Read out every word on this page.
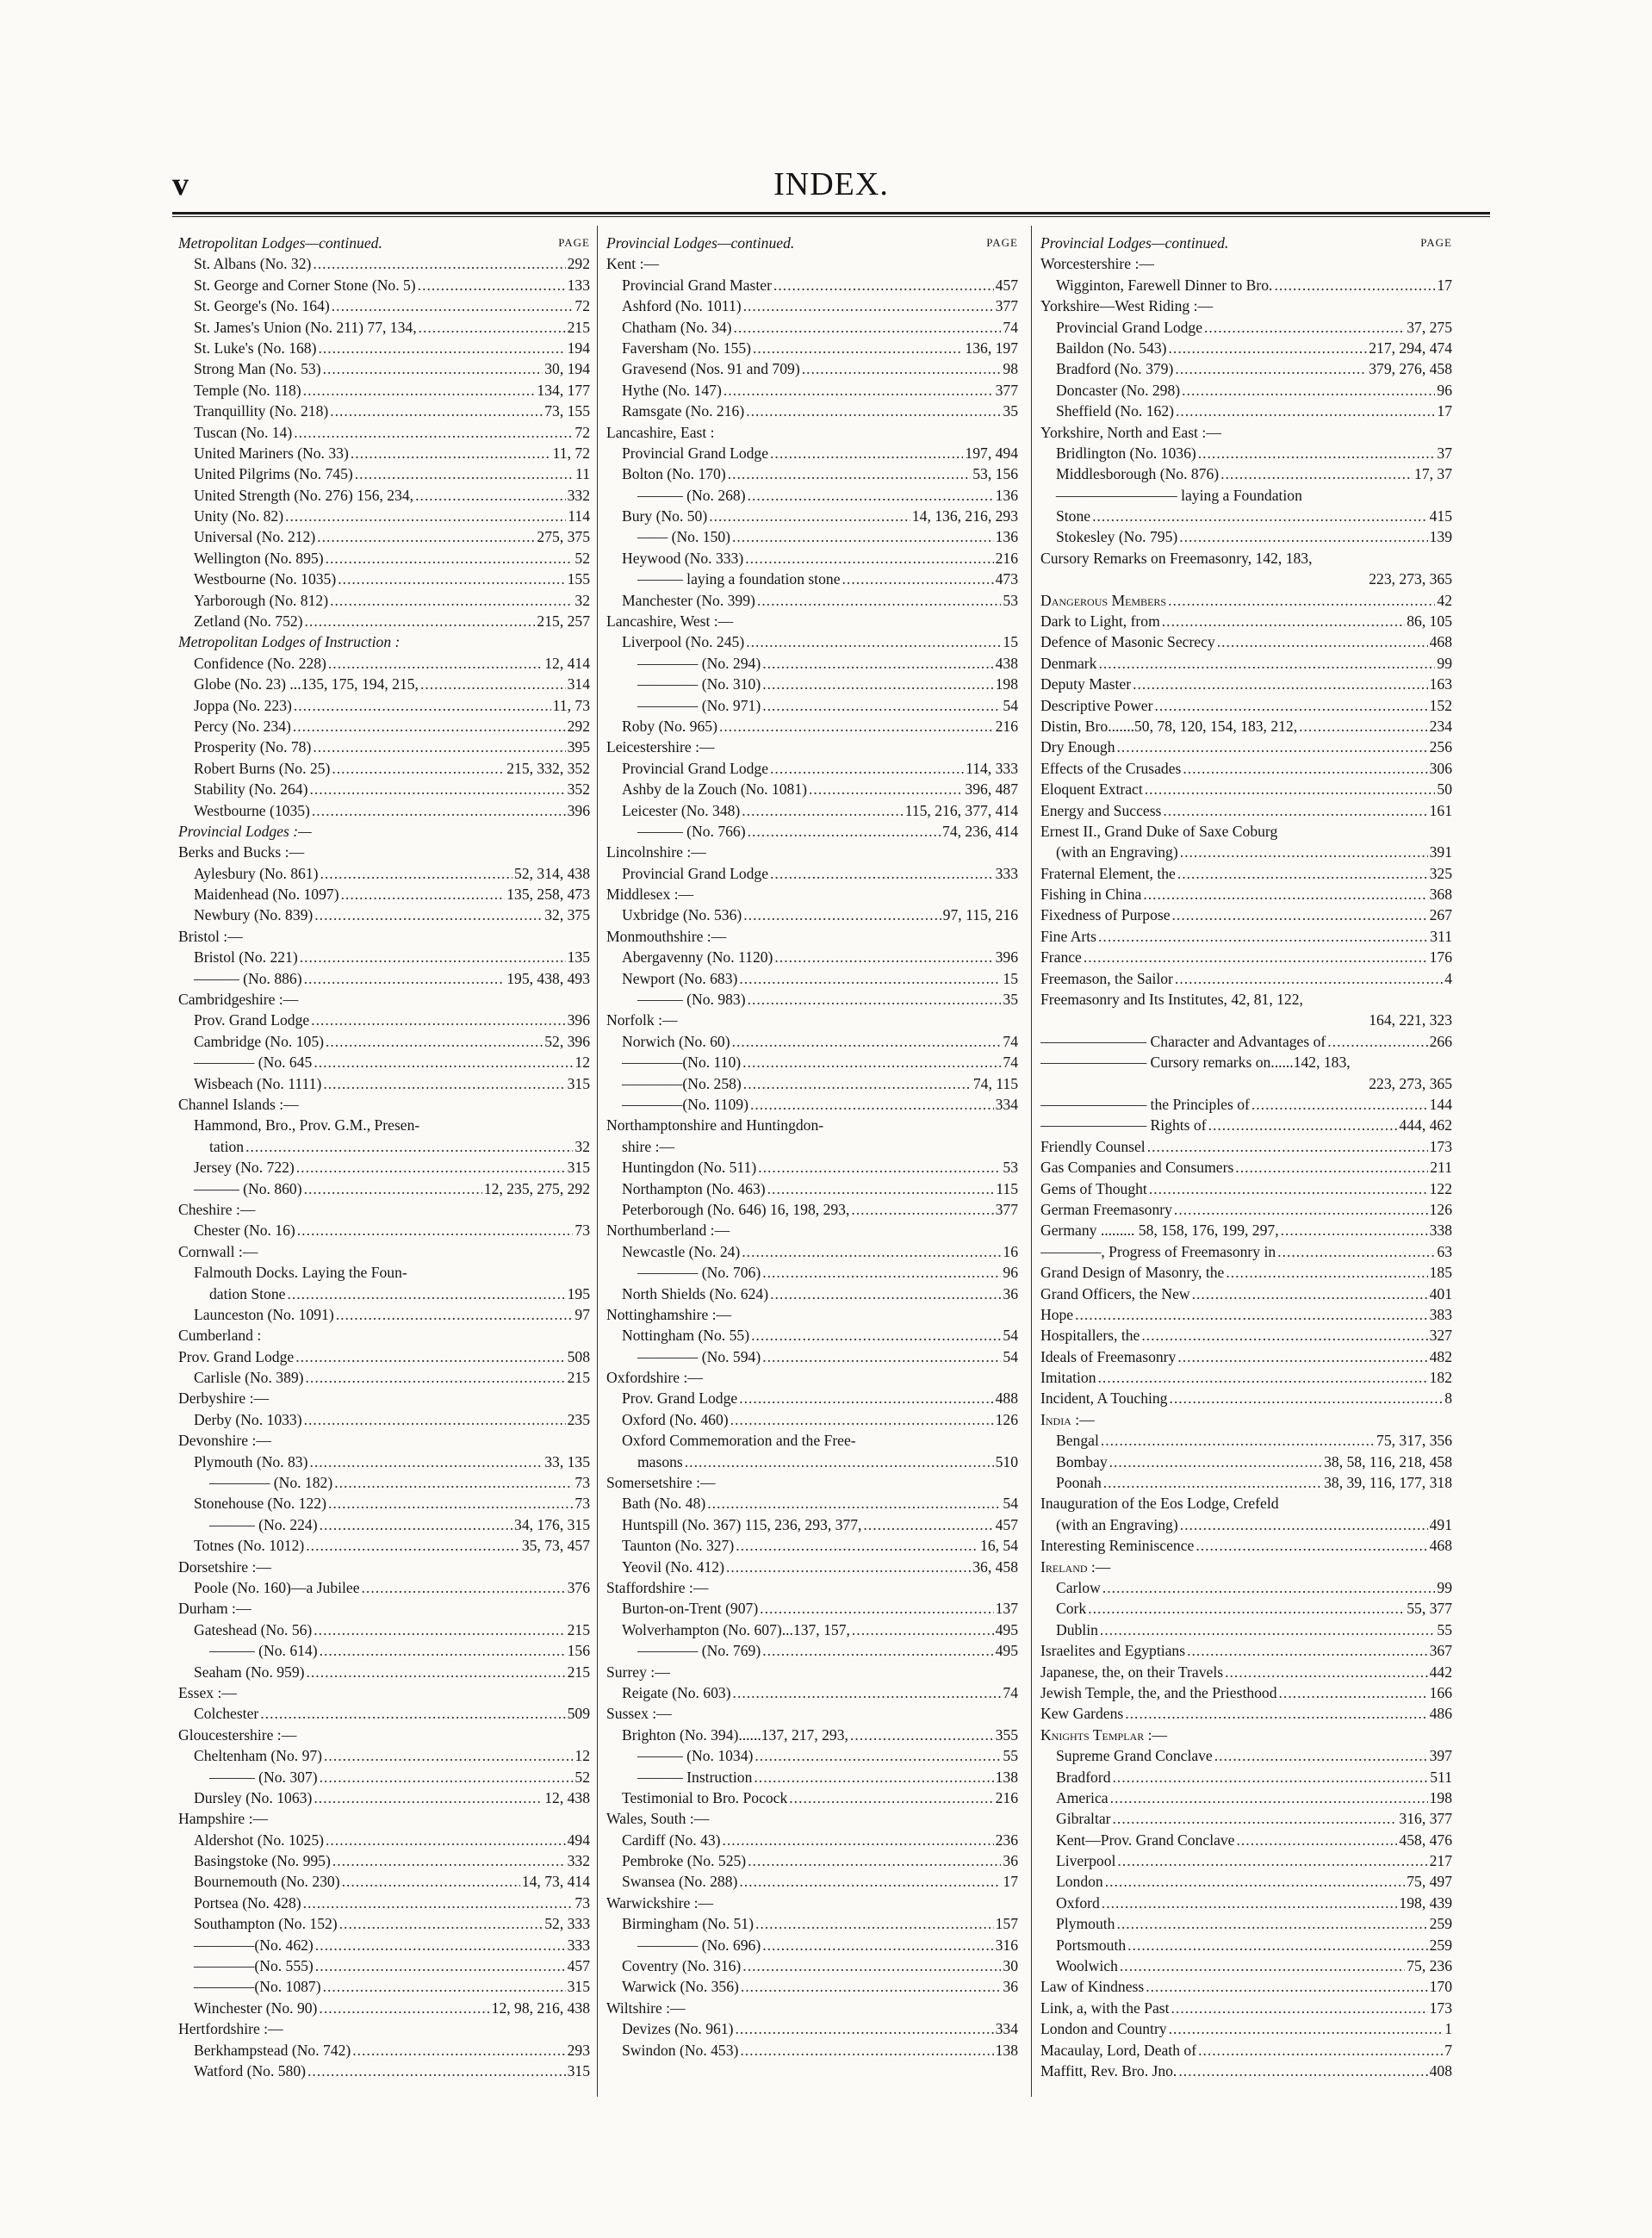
v	INDEX.
Metropolitan Lodges—continued.	PAGE
St. Albans (No. 32) .....	292
St. George and Corner Stone (No. 5) .....	133
St. George's (No. 164) .....	72
St. James's Union (No. 211) 77, 134, .....	215
St. Luke's (No. 168) .....	194
Strong Man (No. 53) .....	30, 194
Temple (No. 118) .....	134, 177
Tranquillity (No. 218) .....	73, 155
Tuscan (No. 14) .....	72
United Mariners (No. 33) .....	11, 72
United Pilgrims (No. 745) .....	11
United Strength (No. 276) 156, 234, .....	332
Unity (No. 82) .....	114
Universal (No. 212) .....	275, 375
Wellington (No. 895) .....	52
Westbourne (No. 1035) .....	155
Yarborough (No. 812) .....	32
Zetland (No. 752) .....	215, 257
Metropolitan Lodges of Instruction :
Confidence (No. 228) .....	12, 414
Globe (No. 23) ...135, 175, 194, 215, .....	314
Joppa (No. 223) .....	11, 73
Percy (No. 234) .....	292
Prosperity (No. 78) .....	395
Robert Burns (No. 25) .....	215, 332, 352
Stability (No. 264) .....	352
Westbourne (1035) .....	396
Provincial Lodges :—
Berks and Bucks :—
Aylesbury (No. 861) .....	52, 314, 438
Maidenhead (No. 1097) .....	135, 258, 473
Newbury (No. 839) .....	32, 375
Bristol :—
Bristol (No. 221) .....	135
——— (No. 886) .....	195, 438, 493
Cambridgeshire :—
Prov. Grand Lodge .....	396
Cambridge (No. 105) .....	52, 396
———— (No. 645 .....	12
Wisbeach (No. 1111) .....	315
Channel Islands :—
Hammond, Bro., Prov. G.M., Presen-
tation .....	32
Jersey (No. 722) .....	315
——— (No. 860) .....	12, 235, 275, 292
Cheshire :—
Chester (No. 16) .....	73
Cornwall :—
Falmouth Docks. Laying the Foun-
dation Stone .....	195
Launceston (No. 1091) .....	97
Cumberland :
Prov. Grand Lodge .....	508
Carlisle (No. 389) .....	215
Derbyshire :—
Derby (No. 1033) .....	235
Devonshire :—
Plymouth (No. 83) .....	33, 135
———— (No. 182) .....	73
Stonehouse (No. 122) .....	73
——— (No. 224) .....	34, 176, 315
Totnes (No. 1012) .....	35, 73, 457
Dorsetshire :—
Poole (No. 160)—a Jubilee .....	376
Durham :—
Gateshead (No. 56) .....	215
——— (No. 614) .....	156
Seaham (No. 959) .....	215
Essex :—
Colchester .....	509
Gloucestershire :—
Cheltenham (No. 97) .....	12
——— (No. 307) .....	52
Dursley (No. 1063) .....	12, 438
Hampshire :—
Aldershot (No. 1025) .....	494
Basingstoke (No. 995) .....	332
Bournemouth (No. 230) .....	14, 73, 414
Portsea (No. 428) .....	73
Southampton (No. 152) .....	52, 333
————(No. 462) .....	333
————(No. 555) .....	457
————(No. 1087) .....	315
Winchester (No. 90) .....	12, 98, 216, 438
Hertfordshire :—
Berkhampstead (No. 742) .....	293
Watford (No. 580) .....	315
Provincial Lodges—continued.	PAGE
Kent :—
Provincial Grand Master .....	457
Ashford (No. 1011) .....	377
Chatham (No. 34) .....	74
Faversham (No. 155) .....	136, 197
Gravesend (Nos. 91 and 709) .....	98
Hythe (No. 147) .....	377
Ramsgate (No. 216) .....	35
Lancashire, East :
Provincial Grand Lodge .....	197, 494
Bolton (No. 170) .....	53, 156
——— (No. 268) .....	136
Bury (No. 50) .....	14, 136, 216, 293
—— (No. 150) .....	136
Heywood (No. 333) .....	216
——— laying a foundation stone .....	473
Manchester (No. 399) .....	53
Lancashire, West :—
Liverpool (No. 245) .....	15
———— (No. 294) .....	438
———— (No. 310) .....	198
———— (No. 971) .....	54
Roby (No. 965) .....	216
Leicestershire :—
Provincial Grand Lodge .....	114, 333
Ashby de la Zouch (No. 1081) .....	396, 487
Leicester (No. 348) .....	115, 216, 377, 414
——— (No. 766) .....	74, 236, 414
Lincolnshire :—
Provincial Grand Lodge .....	333
Middlesex :—
Uxbridge (No. 536) .....	97, 115, 216
Monmouthshire :—
Abergavenny (No. 1120) .....	396
Newport (No. 683) .....	15
——— (No. 983) .....	35
Norfolk :—
Norwich (No. 60) .....	74
————(No. 110) .....	74
————(No. 258) .....	74, 115
————(No. 1109) .....	334
Northamptonshire and Huntingdon-
shire :—
Huntingdon (No. 511) .....	53
Northampton (No. 463) .....	115
Peterborough (No. 646) 16, 198, 293, .....	377
Northumberland :—
Newcastle (No. 24) .....	16
———— (No. 706) .....	96
North Shields (No. 624) .....	36
Nottinghamshire :—
Nottingham (No. 55) .....	54
———— (No. 594) .....	54
Oxfordshire :—
Prov. Grand Lodge .....	488
Oxford (No. 460) .....	126
Oxford Commemoration and the Free-
masons .....	510
Somersetshire :—
Bath (No. 48) .....	54
Huntspill (No. 367) 115, 236, 293, 377, .....	457
Taunton (No. 327) .....	16, 54
Yeovil (No. 412) .....	36, 458
Staffordshire :—
Burton-on-Trent (907) .....	137
Wolverhampton (No. 607)...137, 157, .....	495
———— (No. 769) .....	495
Surrey :—
Reigate (No. 603) .....	74
Sussex :—
Brighton (No. 394)......137, 217, 293, .....	355
——— (No. 1034) .....	55
——— Instruction .....	138
Testimonial to Bro. Pocock .....	216
Wales, South :—
Cardiff (No. 43) .....	236
Pembroke (No. 525) .....	36
Swansea (No. 288) .....	17
Warwickshire :—
Birmingham (No. 51) .....	157
———— (No. 696) .....	316
Coventry (No. 316) .....	30
Warwick (No. 356) .....	36
Wiltshire :—
Devizes (No. 961) .....	334
Swindon (No. 453) .....	138
Provincial Lodges—continued.	PAGE
Worcestershire :—
Wigginton, Farewell Dinner to Bro. .....	17
Yorkshire—West Riding :—
Provincial Grand Lodge .....	37, 275
Baildon (No. 543) .....	217, 294, 474
Bradford (No. 379) .....	379, 276, 458
Doncaster (No. 298) .....	96
Sheffield (No. 162) .....	17
Yorkshire, North and East :—
Bridlington (No. 1036) .....	37
Middlesborough (No. 876) .....	17, 37
———————— laying a Foundation
Stone .....	415
Stokesley (No. 795) .....	139
Cursory Remarks on Freemasonry, 142, 183,
223, 273, 365
Dangerous Members .....	42
Dark to Light, from .....	86, 105
Defence of Masonic Secrecy .....	468
Denmark .....	99
Deputy Master .....	163
Descriptive Power .....	152
Distin, Bro.......50, 78, 120, 154, 183, 212, .....	234
Dry Enough .....	256
Effects of the Crusades .....	306
Eloquent Extract .....	50
Energy and Success .....	161
Ernest II., Grand Duke of Saxe Coburg
(with an Engraving) .....	391
Fraternal Element, the .....	325
Fishing in China .....	368
Fixedness of Purpose .....	267
Fine Arts .....	311
France .....	176
Freemason, the Sailor .....	4
Freemasonry and Its Institutes, 42, 81, 122,
164, 221, 323
——————— Character and Advantages of .....	266
——————— Cursory remarks on......142, 183,
223, 273, 365
——————— the Principles of .....	144
——————— Rights of .....	444, 462
Friendly Counsel .....	173
Gas Companies and Consumers .....	211
Gems of Thought .....	122
German Freemasonry .....	126
Germany ......... 58, 158, 176, 199, 297, .....	338
————, Progress of Freemasonry in .....	63
Grand Design of Masonry, the .....	185
Grand Officers, the New .....	401
Hope .....	383
Hospitallers, the .....	327
Ideals of Freemasonry .....	482
Imitation .....	182
Incident, A Touching .....	8
India :—
Bengal .....	75, 317, 356
Bombay .....	38, 58, 116, 218, 458
Poonah .....	38, 39, 116, 177, 318
Inauguration of the Eos Lodge, Crefeld
(with an Engraving) .....	491
Interesting Reminiscence .....	468
Ireland :—
Carlow .....	99
Cork .....	55, 377
Dublin .....	55
Israelites and Egyptians .....	367
Japanese, the, on their Travels .....	442
Jewish Temple, the, and the Priesthood .....	166
Kew Gardens .....	486
Knights Templar :—
Supreme Grand Conclave .....	397
Bradford .....	511
America .....	198
Gibraltar .....	316, 377
Kent—Prov. Grand Conclave .....	458, 476
Liverpool .....	217
London .....	75, 497
Oxford .....	198, 439
Plymouth .....	259
Portsmouth .....	259
Woolwich .....	75, 236
Law of Kindness .....	170
Link, a, with the Past .....	173
London and Country .....	1
Macaulay, Lord, Death of .....	7
Maffitt, Rev. Bro. Jno. .....	408
